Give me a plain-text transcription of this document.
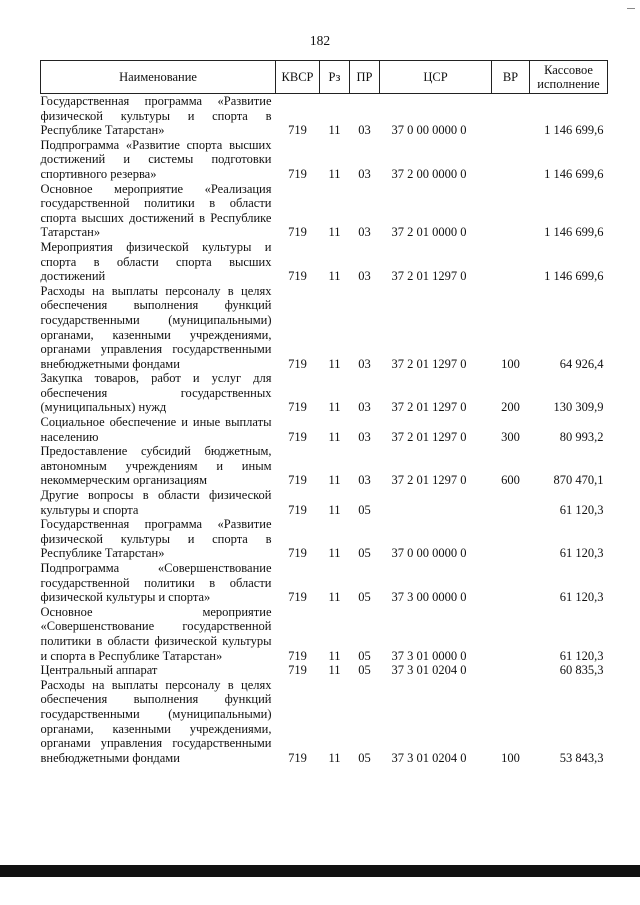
182
Наименование	КВСР	Рз	ПР	ЦСР	ВР	Кассовое
исполнение
Государственная программа «Развитие физической культуры и спорта в Республике Татарстан»	719	11	03	37 0 00 0000 0		1 146 699,6
Подпрограмма «Развитие спорта высших достижений и системы подготовки спортивного резерва»	719	11	03	37 2 00 0000 0		1 146 699,6
Основное мероприятие «Реализация государственной политики в области спорта высших достижений в Республике Татарстан»	719	11	03	37 2 01 0000 0		1 146 699,6
Мероприятия физической культуры и спорта в области спорта высших достижений	719	11	03	37 2 01 1297 0		1 146 699,6
Расходы на выплаты персоналу в целях обеспечения выполнения функций государственными (муниципальными) органами, казенными учреждениями, органами управления государственными внебюджетными фондами	719	11	03	37 2 01 1297 0	100	64 926,4
Закупка товаров, работ и услуг для обеспечения государственных (муниципальных) нужд	719	11	03	37 2 01 1297 0	200	130 309,9
Социальное обеспечение и иные выплаты населению	719	11	03	37 2 01 1297 0	300	80 993,2
Предоставление субсидий бюджетным, автономным учреждениям и иным некоммерческим организациям	719	11	03	37 2 01 1297 0	600	870 470,1
Другие вопросы в области физической культуры и спорта	719	11	05			61 120,3
Государственная программа «Развитие физической культуры и спорта в Республике Татарстан»	719	11	05	37 0 00 0000 0		61 120,3
Подпрограмма «Совершенствование государственной политики в области физической культуры и спорта»	719	11	05	37 3 00 0000 0		61 120,3
Основное мероприятие «Совершенствование государственной политики в области физической культуры и спорта в Республике Татарстан»	719	11	05	37 3 01 0000 0		61 120,3
Центральный аппарат	719	11	05	37 3 01 0204 0		60 835,3
Расходы на выплаты персоналу в целях обеспечения выполнения функций государственными (муниципальными) органами, казенными учреждениями, органами управления государственными внебюджетными фондами	719	11	05	37 3 01 0204 0	100	53 843,3
